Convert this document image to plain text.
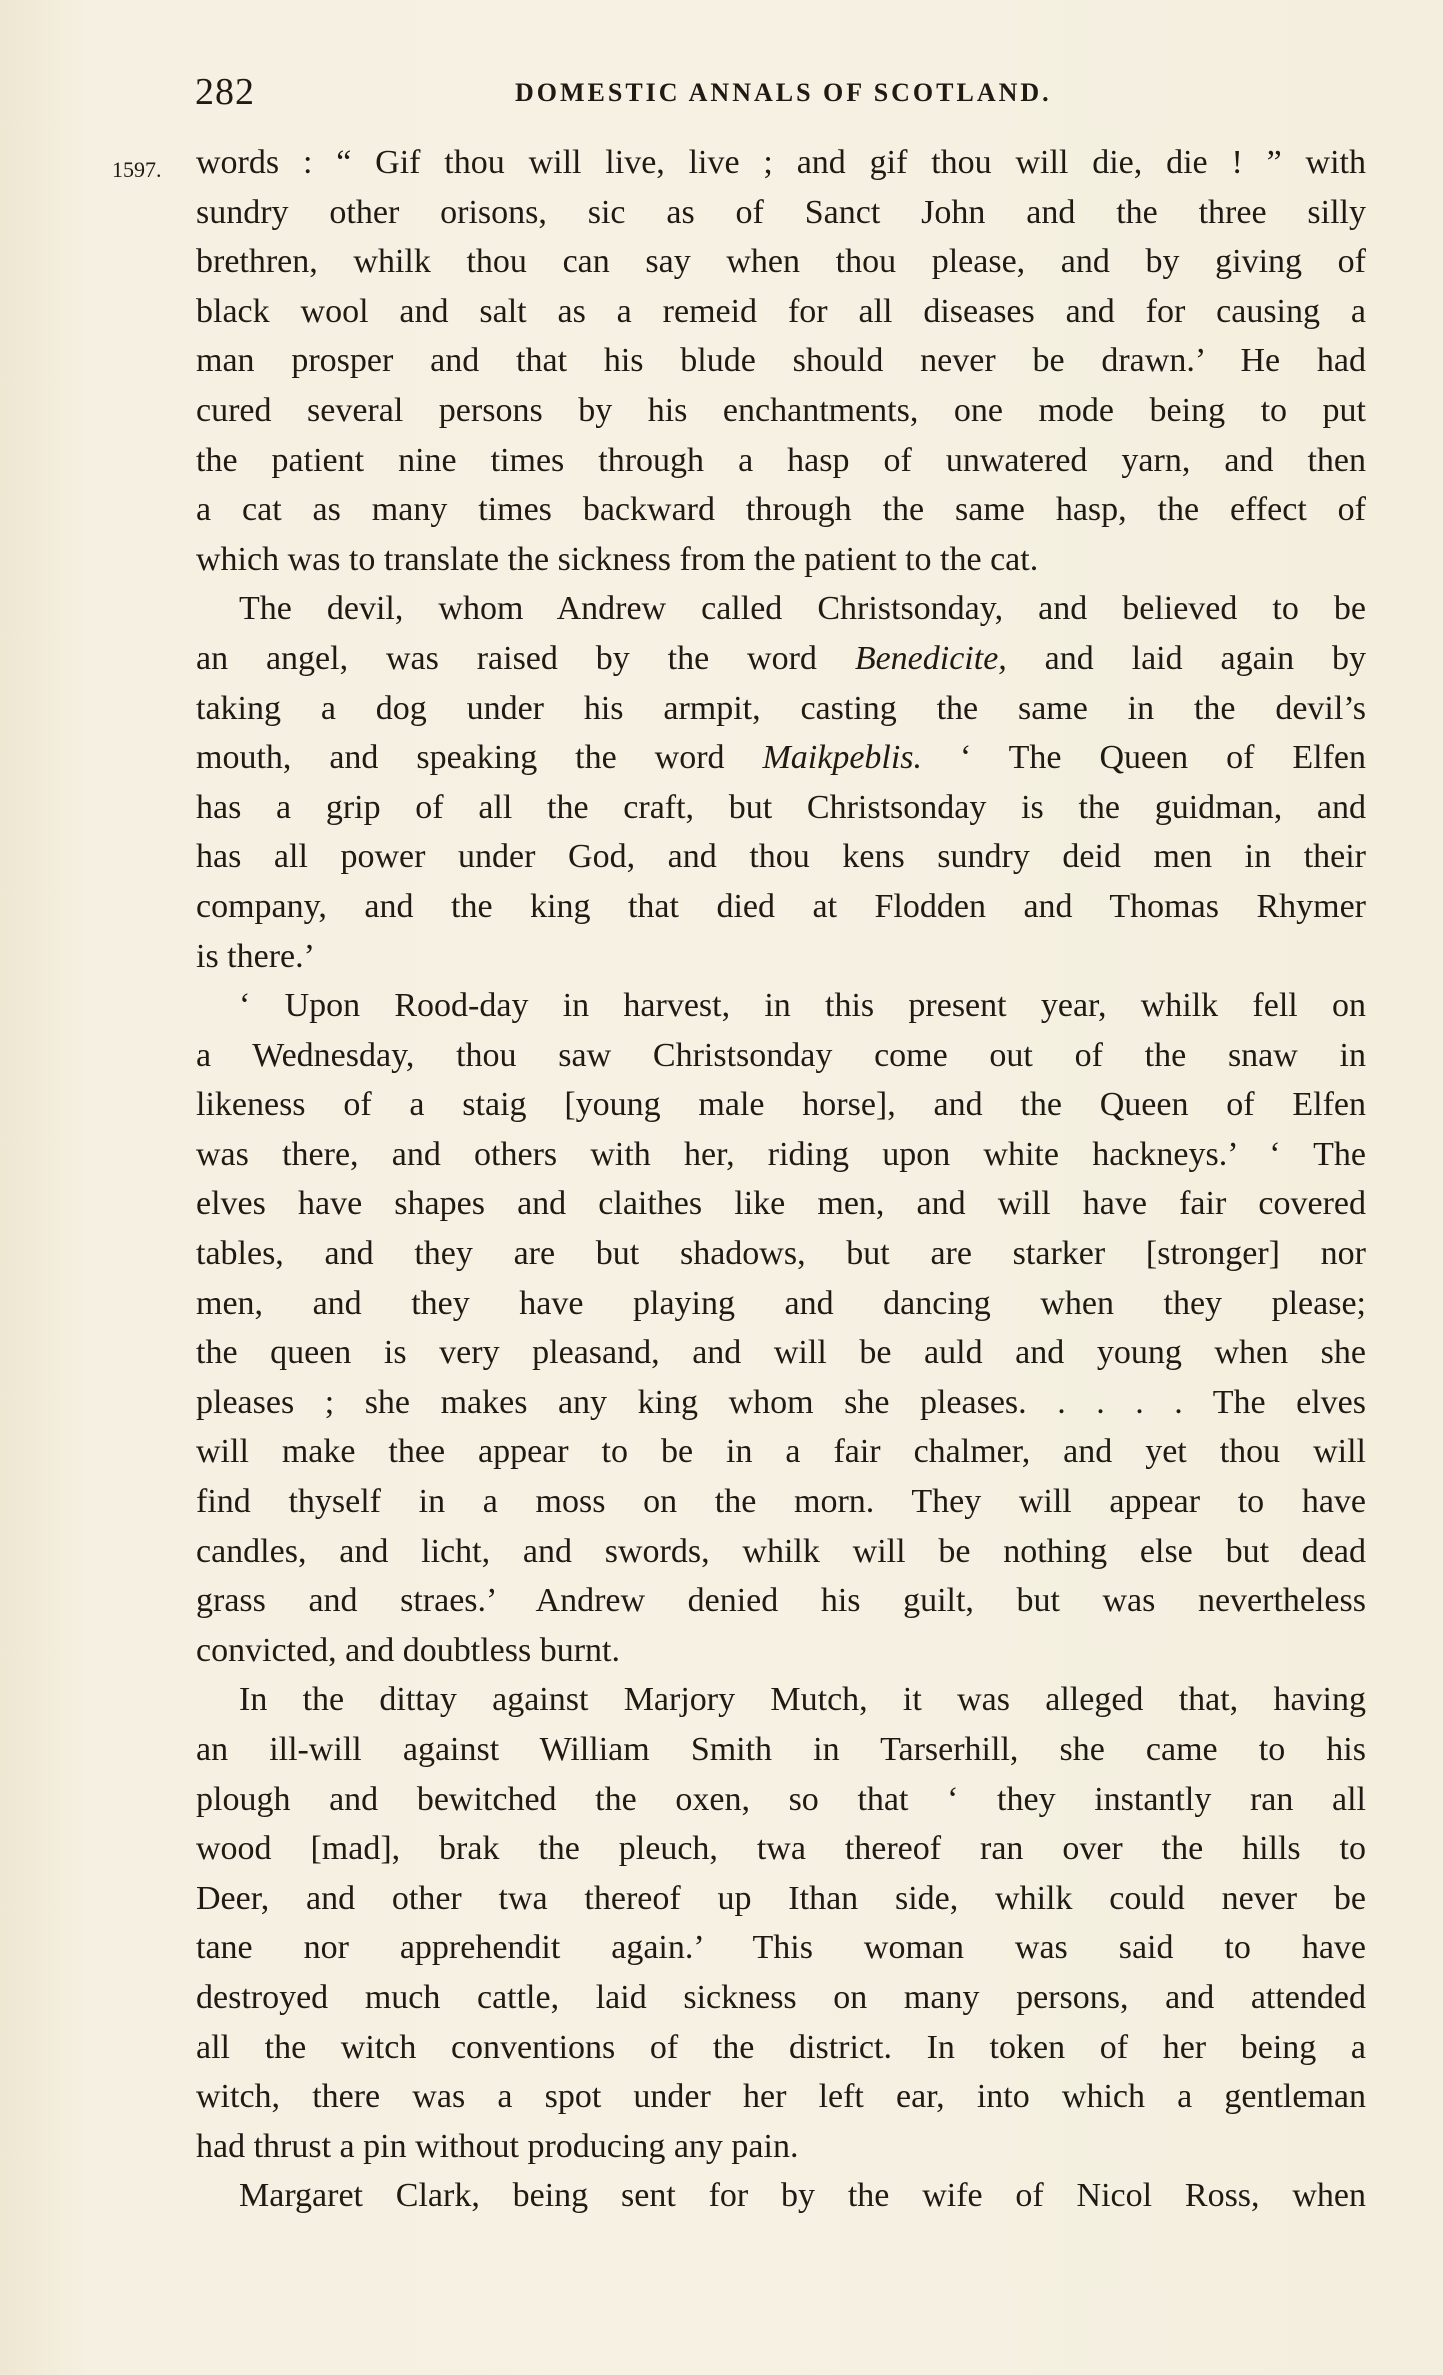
282	DOMESTIC ANNALS OF SCOTLAND.
1597. words : “ Gif thou will live, live ; and gif thou will die, die ! ” with
sundry other orisons, sic as of Sanct John and the three silly
brethren, whilk thou can say when thou please, and by giving of
black wool and salt as a remeid for all diseases and for causing a
man prosper and that his blude should never be drawn.’ He had
cured several persons by his enchantments, one mode being to put
the patient nine times through a hasp of unwatered yarn, and then
a cat as many times backward through the same hasp, the effect of
which was to translate the sickness from the patient to the cat.
The devil, whom Andrew called Christsonday, and believed to be
an angel, was raised by the word Benedicite, and laid again by
taking a dog under his armpit, casting the same in the devil’s
mouth, and speaking the word Maikpeblis. ‘ The Queen of Elfen
has a grip of all the craft, but Christsonday is the guidman, and
has all power under God, and thou kens sundry deid men in their
company, and the king that died at Flodden and Thomas Rhymer
is there.’
‘ Upon Rood-day in harvest, in this present year, whilk fell on
a Wednesday, thou saw Christsonday come out of the snaw in
likeness of a staig [young male horse], and the Queen of Elfen
was there, and others with her, riding upon white hackneys.’ ‘ The
elves have shapes and claithes like men, and will have fair covered
tables, and they are but shadows, but are starker [stronger] nor
men, and they have playing and dancing when they please;
the queen is very pleasand, and will be auld and young when she
pleases ; she makes any king whom she pleases. . . . . The elves
will make thee appear to be in a fair chalmer, and yet thou will
find thyself in a moss on the morn. They will appear to have
candles, and licht, and swords, whilk will be nothing else but dead
grass and straes.’ Andrew denied his guilt, but was nevertheless
convicted, and doubtless burnt.
In the dittay against Marjory Mutch, it was alleged that, having
an ill-will against William Smith in Tarserhill, she came to his
plough and bewitched the oxen, so that ‘ they instantly ran all
wood [mad], brak the pleuch, twa thereof ran over the hills to
Deer, and other twa thereof up Ithan side, whilk could never be
tane nor apprehendit again.’ This woman was said to have
destroyed much cattle, laid sickness on many persons, and attended
all the witch conventions of the district. In token of her being a
witch, there was a spot under her left ear, into which a gentleman
had thrust a pin without producing any pain.
Margaret Clark, being sent for by the wife of Nicol Ross, when
